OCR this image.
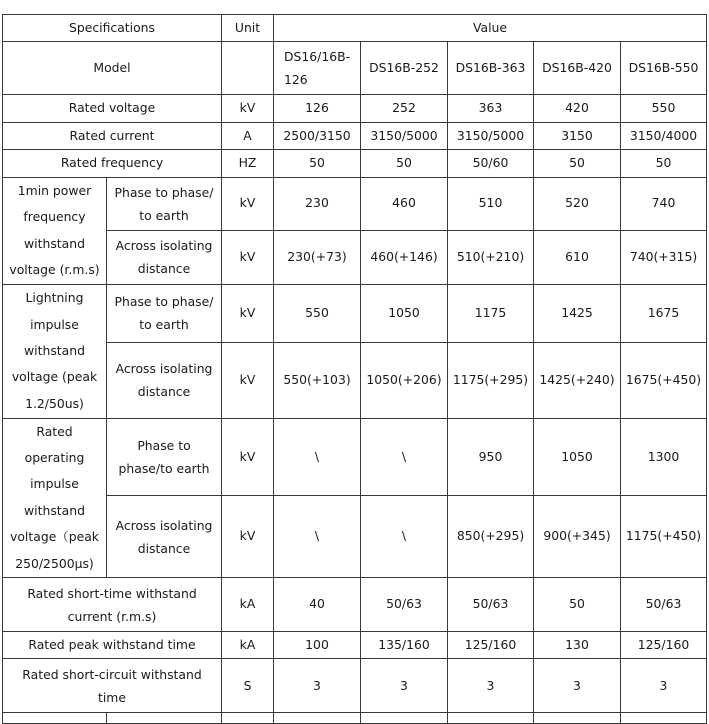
Specifications		Unit	Value				
Model			DS16/16B-126	DS16B-252	DS16B-363	DS16B-420	DS16B-550
Rated voltage		kV	126	252	363	420	550
Rated current		A	2500/3150	3150/5000	3150/5000	3150	3150/4000
Rated frequency		HZ	50	50	50/60	50	50
1min power frequency withstand voltage (r.m.s)	Phase to phase/ to earth	kV	230	460	510	520	740
	Across isolating distance	kV	230(+73)	460(+146)	510(+210)	610	740(+315)
Lightning impulse withstand voltage (peak 1.2/50us)	Phase to phase/ to earth	kV	550	1050	1175	1425	1675
	Across isolating distance	kV	550(+103)	1050(+206)	1175(+295)	1425(+240)	1675(+450)
Rated operating impulse withstand voltage（peak 250/2500μs)	Phase to phase/to earth	kV	\	\	950	1050	1300
	Across isolating distance	kV	\	\	850(+295)	900(+345)	1175(+450)
Rated short-time withstand current (r.m.s)		kA	40	50/63	50/63	50	50/63
Rated peak withstand time		kA	100	135/160	125/160	130	125/160
Rated short-circuit withstand time		S	3	3	3	3	3
